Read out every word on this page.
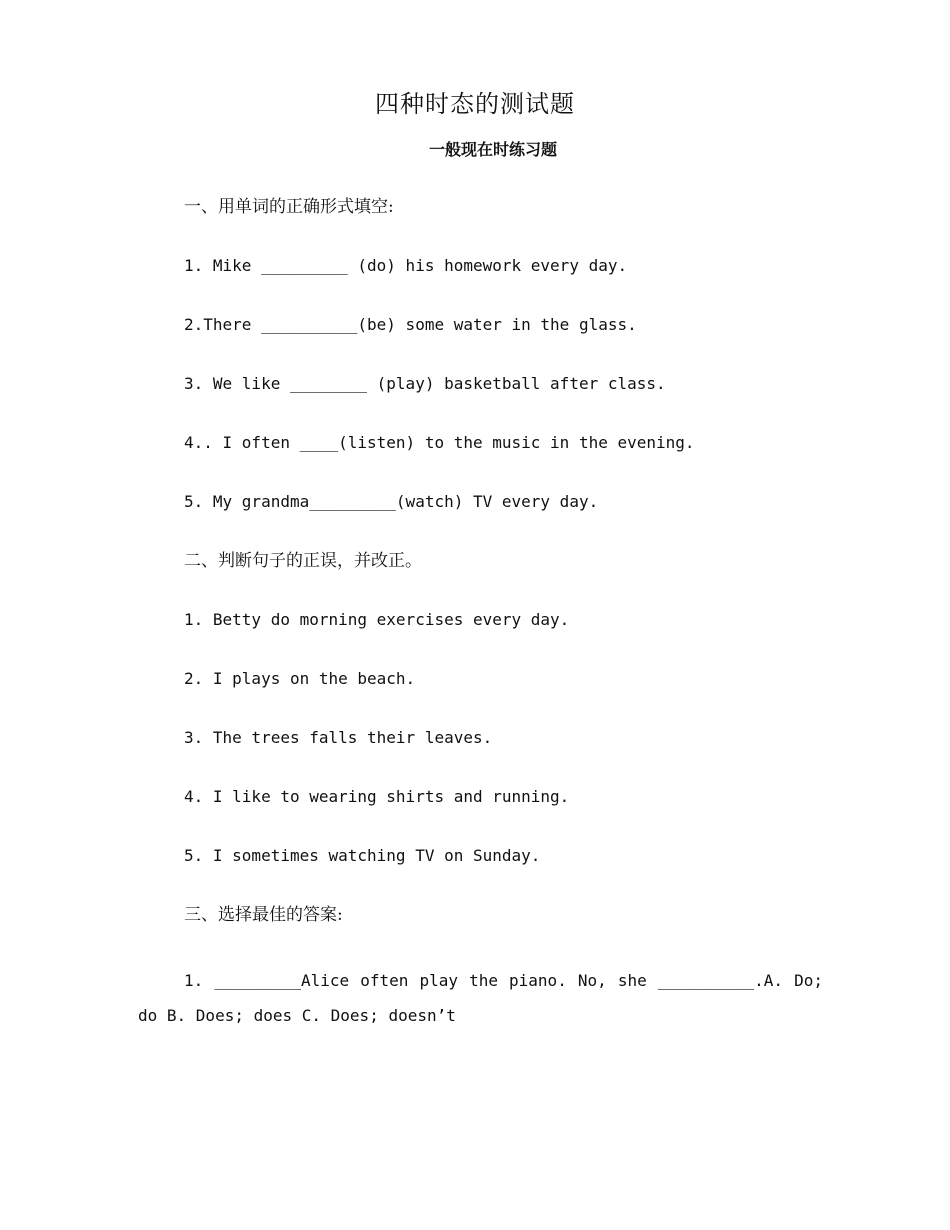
四种时态的测试题
一般现在时练习题
一、用单词的正确形式填空:
1. Mike _________ (do) his homework every day.
2.There __________(be) some water in the glass.
3. We like ________ (play) basketball after class.
4.. I often ____(listen) to the music in the evening.
5. My grandma_________(watch) TV every day.
二、判断句子的正误，并改正。
1. Betty do morning exercises every day.
2. I plays on the beach.
3. The trees falls their leaves.
4. I like to wearing shirts and running.
5. I sometimes watching TV on Sunday.
三、选择最佳的答案:
1. _________Alice often play the piano. No, she __________.A. Do; do B. Does; does C. Does; doesn’t
